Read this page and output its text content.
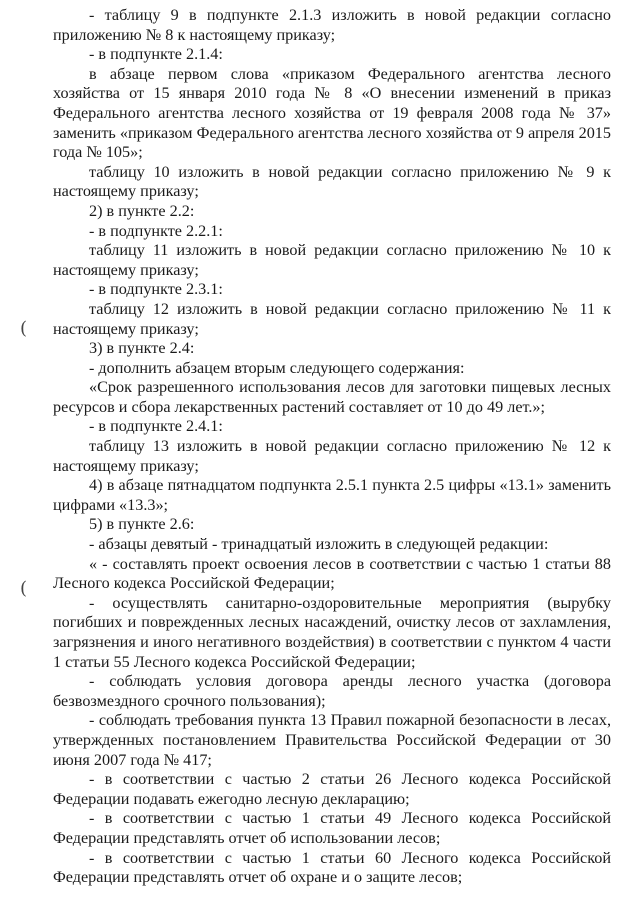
(
(

- таблицу 9 в подпункте 2.1.3 изложить в новой редакции согласно приложению № 8 к настоящему приказу;

- в подпункте 2.1.4:

в абзаце первом слова «приказом Федерального агентства лесного хозяйства от 15 января 2010 года № 8 «О внесении изменений в приказ Федерального агентства лесного хозяйства от 19 февраля 2008 года № 37» заменить «приказом Федерального агентства лесного хозяйства от 9 апреля 2015 года № 105»;

таблицу 10 изложить в новой редакции согласно приложению № 9 к настоящему приказу;

2) в пункте 2.2:

- в подпункте 2.2.1:

таблицу 11 изложить в новой редакции согласно приложению № 10 к настоящему приказу;

- в подпункте 2.3.1:

таблицу 12 изложить в новой редакции согласно приложению № 11 к настоящему приказу;

3) в пункте 2.4:

- дополнить абзацем вторым следующего содержания:

«Срок разрешенного использования лесов для заготовки пищевых лесных ресурсов и сбора лекарственных растений составляет от 10 до 49 лет.»;

- в подпункте 2.4.1:

таблицу 13 изложить в новой редакции согласно приложению № 12 к настоящему приказу;

4) в абзаце пятнадцатом подпункта 2.5.1 пункта 2.5 цифры «13.1» заменить цифрами «13.3»;

5) в пункте 2.6:

- абзацы девятый - тринадцатый изложить в следующей редакции:

« - составлять проект освоения лесов в соответствии с частью 1 статьи 88 Лесного кодекса Российской Федерации;

- осуществлять санитарно-оздоровительные мероприятия (вырубку погибших и поврежденных лесных насаждений, очистку лесов от захламления, загрязнения и иного негативного воздействия) в соответствии с пунктом 4 части 1 статьи 55 Лесного кодекса Российской Федерации;

- соблюдать условия договора аренды лесного участка (договора безвозмездного срочного пользования);

- соблюдать требования пункта 13 Правил пожарной безопасности в лесах, утвержденных постановлением Правительства Российской Федерации от 30 июня 2007 года № 417;

- в соответствии с частью 2 статьи 26 Лесного кодекса Российской Федерации подавать ежегодно лесную декларацию;

- в соответствии с частью 1 статьи 49 Лесного кодекса Российской Федерации представлять отчет об использовании лесов;

- в соответствии с частью 1 статьи 60 Лесного кодекса Российской Федерации представлять отчет об охране и о защите лесов;
